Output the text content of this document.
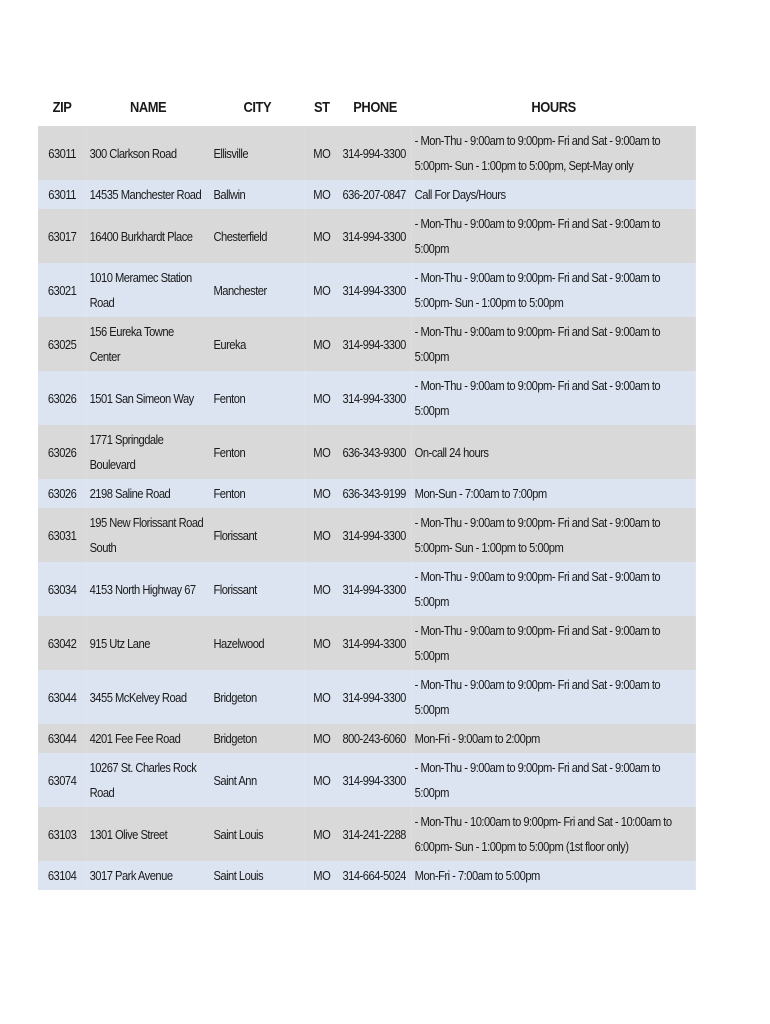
ZIP	NAME	CITY	ST	PHONE	HOURS
63011	300 Clarkson Road	Ellisville	MO	314-994-3300	- Mon-Thu - 9:00am to 9:00pm- Fri and Sat - 9:00am to 5:00pm- Sun - 1:00pm to 5:00pm, Sept-May only
63011	14535 Manchester Road	Ballwin	MO	636-207-0847	Call For Days/Hours
63017	16400 Burkhardt Place	Chesterfield	MO	314-994-3300	- Mon-Thu - 9:00am to 9:00pm- Fri and Sat - 9:00am to 5:00pm
63021	1010 Meramec Station Road	Manchester	MO	314-994-3300	- Mon-Thu - 9:00am to 9:00pm- Fri and Sat - 9:00am to 5:00pm- Sun - 1:00pm to 5:00pm
63025	156 Eureka Towne Center	Eureka	MO	314-994-3300	- Mon-Thu - 9:00am to 9:00pm- Fri and Sat - 9:00am to 5:00pm
63026	1501 San Simeon Way	Fenton	MO	314-994-3300	- Mon-Thu - 9:00am to 9:00pm- Fri and Sat - 9:00am to 5:00pm
63026	1771 Springdale Boulevard	Fenton	MO	636-343-9300	On-call 24 hours
63026	2198 Saline Road	Fenton	MO	636-343-9199	Mon-Sun - 7:00am to 7:00pm
63031	195 New Florissant Road South	Florissant	MO	314-994-3300	- Mon-Thu - 9:00am to 9:00pm- Fri and Sat - 9:00am to 5:00pm- Sun - 1:00pm to 5:00pm
63034	4153 North Highway 67	Florissant	MO	314-994-3300	- Mon-Thu - 9:00am to 9:00pm- Fri and Sat - 9:00am to 5:00pm
63042	915 Utz Lane	Hazelwood	MO	314-994-3300	- Mon-Thu - 9:00am to 9:00pm- Fri and Sat - 9:00am to 5:00pm
63044	3455 McKelvey Road	Bridgeton	MO	314-994-3300	- Mon-Thu - 9:00am to 9:00pm- Fri and Sat - 9:00am to 5:00pm
63044	4201 Fee Fee Road	Bridgeton	MO	800-243-6060	Mon-Fri - 9:00am to 2:00pm
63074	10267 St. Charles Rock Road	Saint Ann	MO	314-994-3300	- Mon-Thu - 9:00am to 9:00pm- Fri and Sat - 9:00am to 5:00pm
63103	1301 Olive Street	Saint Louis	MO	314-241-2288	- Mon-Thu - 10:00am to 9:00pm- Fri and Sat - 10:00am to 6:00pm- Sun - 1:00pm to 5:00pm (1st floor only)
63104	3017 Park Avenue	Saint Louis	MO	314-664-5024	Mon-Fri - 7:00am to 5:00pm
